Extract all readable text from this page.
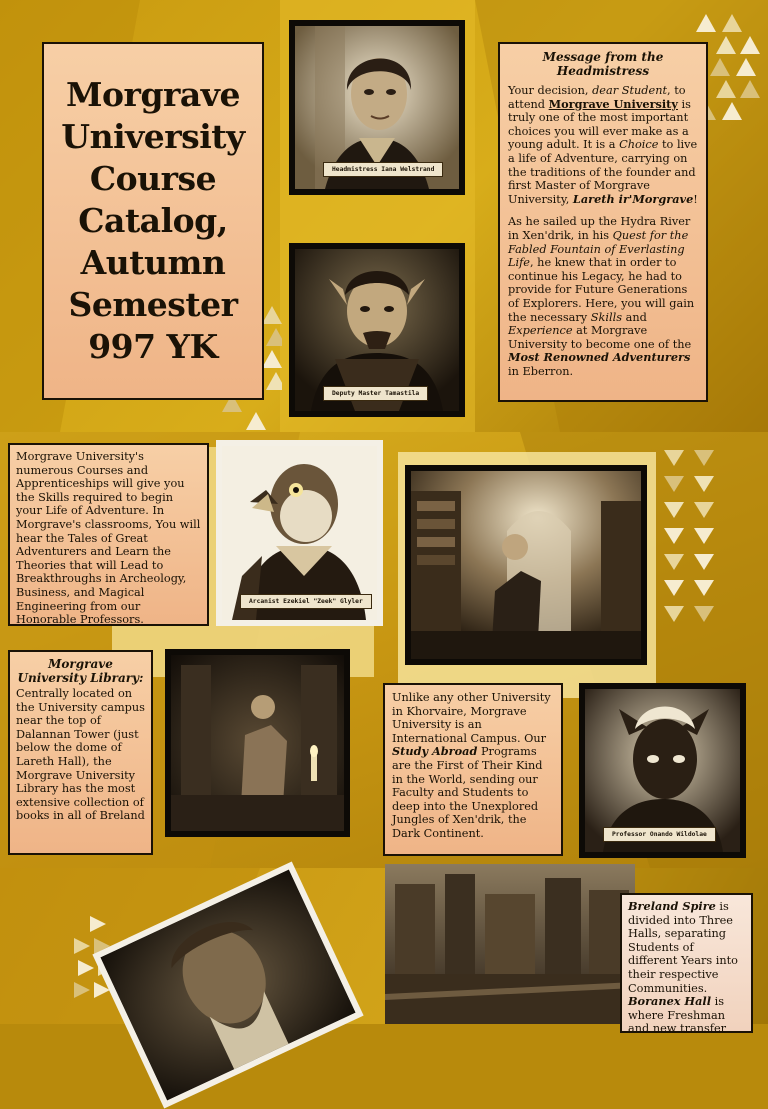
Morgrave University Course Catalog, Autumn Semester 997 YK
Headmistress Iana Welstrand
Deputy Master Tamastila

Message from the Headmistress

Your decision, dear Student, to attend Morgrave University is truly one of the most important choices you will ever make as a young adult. It is a Choice to live a life of Adventure, carrying on the traditions of the founder and first Master of Morgrave University, Lareth ir'Morgrave!

As he sailed up the Hydra River in Xen'drik, in his Quest for the Fabled Fountain of Everlasting Life, he knew that in order to continue his Legacy, he had to provide for Future Generations of Explorers. Here, you will gain the necessary Skills and Experience at Morgrave University to become one of the Most Renowned Adventurers in Eberron.

Morgrave University's numerous Courses and Apprenticeships will give you the Skills required to begin your Life of Adventure. In Morgrave's classrooms, You will hear the Tales of Great Adventurers and Learn the Theories that will Lead to Breakthroughs in Archeology, Business, and Magical Engineering from our Honorable Professors.

Arcanist Ezekiel "Zeek" Glyler

Morgrave University Library:

Centrally located on the University campus near the top of Dalannan Tower (just below the dome of Lareth Hall), the Morgrave University Library has the most extensive collection of books in all of Breland

Unlike any other University in Khorvaire, Morgrave University is an International Campus. Our Study Abroad Programs are the First of Their Kind in the World, sending our Faculty and Students to deep into the Unexplored Jungles of Xen'drik, the Dark Continent.	Professor Onando Wildolae

Breland Spire is divided into Three Halls, separating Students of different Years into their respective Communities. Boranex Hall is where Freshman and new transfer
